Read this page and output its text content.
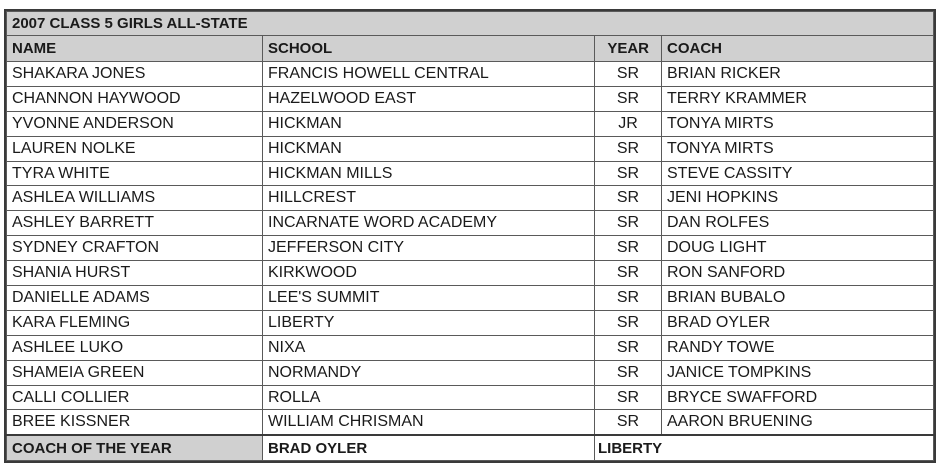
2007 CLASS 5 GIRLS ALL-STATE			
NAME	SCHOOL	YEAR	COACH
SHAKARA JONES	FRANCIS HOWELL CENTRAL	SR	BRIAN RICKER
CHANNON HAYWOOD	HAZELWOOD EAST	SR	TERRY KRAMMER
YVONNE ANDERSON	HICKMAN	JR	TONYA MIRTS
LAUREN NOLKE	HICKMAN	SR	TONYA MIRTS
TYRA WHITE	HICKMAN MILLS	SR	STEVE CASSITY
ASHLEA WILLIAMS	HILLCREST	SR	JENI HOPKINS
ASHLEY BARRETT	INCARNATE WORD ACADEMY	SR	DAN ROLFES
SYDNEY CRAFTON	JEFFERSON CITY	SR	DOUG LIGHT
SHANIA HURST	KIRKWOOD	SR	RON SANFORD
DANIELLE ADAMS	LEE'S SUMMIT	SR	BRIAN BUBALO
KARA FLEMING	LIBERTY	SR	BRAD OYLER
ASHLEE LUKO	NIXA	SR	RANDY TOWE
SHAMEIA GREEN	NORMANDY	SR	JANICE TOMPKINS
CALLI COLLIER	ROLLA	SR	BRYCE SWAFFORD
BREE KISSNER	WILLIAM CHRISMAN	SR	AARON BRUENING
COACH OF THE YEAR	BRAD OYLER	LIBERTY	
